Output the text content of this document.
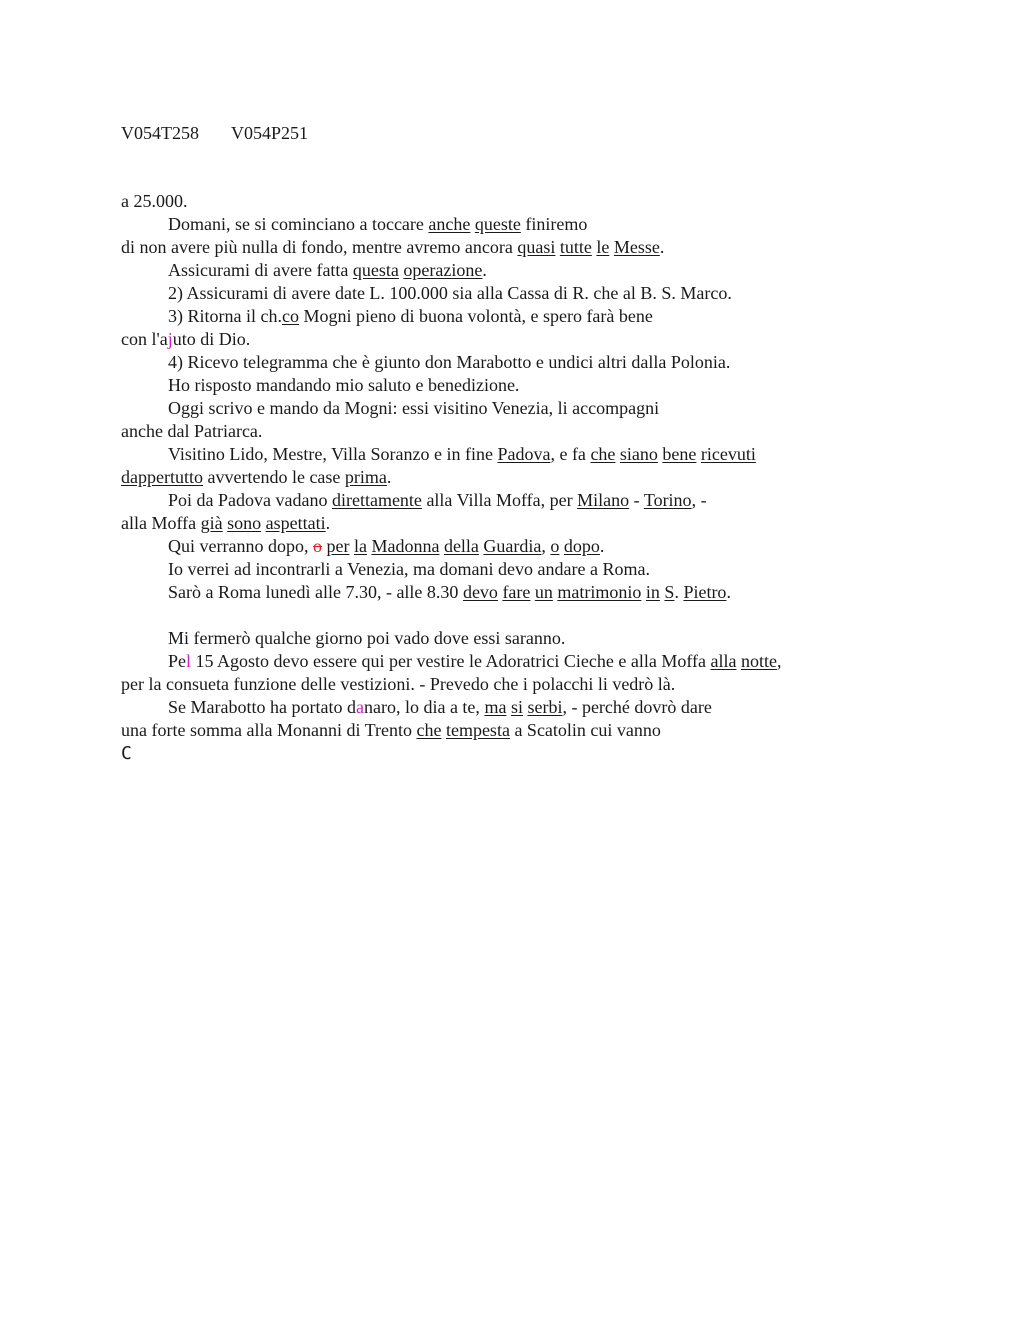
V054T258 V054P251
a 25.000.
Domani, se si cominciano a toccare anche queste finiremo
di non avere più nulla di fondo, mentre avremo ancora quasi tutte le Messe.
Assicurami di avere fatta questa operazione.
2) Assicurami di avere date L. 100.000 sia alla Cassa di R. che al B. S. Marco.
3) Ritorna il ch.co Mogni pieno di buona volontà, e spero farà bene
con l'ajuto di Dio.
4) Ricevo telegramma che è giunto don Marabotto e undici altri dalla Polonia.
Ho risposto mandando mio saluto e benedizione.
Oggi scrivo e mando da Mogni: essi visitino Venezia, li accompagni
anche dal Patriarca.
Visitino Lido, Mestre, Villa Soranzo e in fine Padova, e fa che siano bene ricevuti
dappertutto avvertendo le case prima.
Poi da Padova vadano direttamente alla Villa Moffa, per Milano - Torino, -
alla Moffa già sono aspettati.
Qui verranno dopo, o per la Madonna della Guardia, o dopo.
Io verrei ad incontrarli a Venezia, ma domani devo andare a Roma.
Sarò a Roma lunedì alle 7.30, - alle 8.30 devo fare un matrimonio in S. Pietro.
Mi fermerò qualche giorno poi vado dove essi saranno.
Pel 15 Agosto devo essere qui per vestire le Adoratrici Cieche e alla Moffa alla notte,
per la consueta funzione delle vestizioni. - Prevedo che i polacchi li vedrò là.
Se Marabotto ha portato danaro, lo dia a te, ma si serbi, - perché dovrò dare
una forte somma alla Monanni di Trento che tempesta a Scatolin cui vanno
C
